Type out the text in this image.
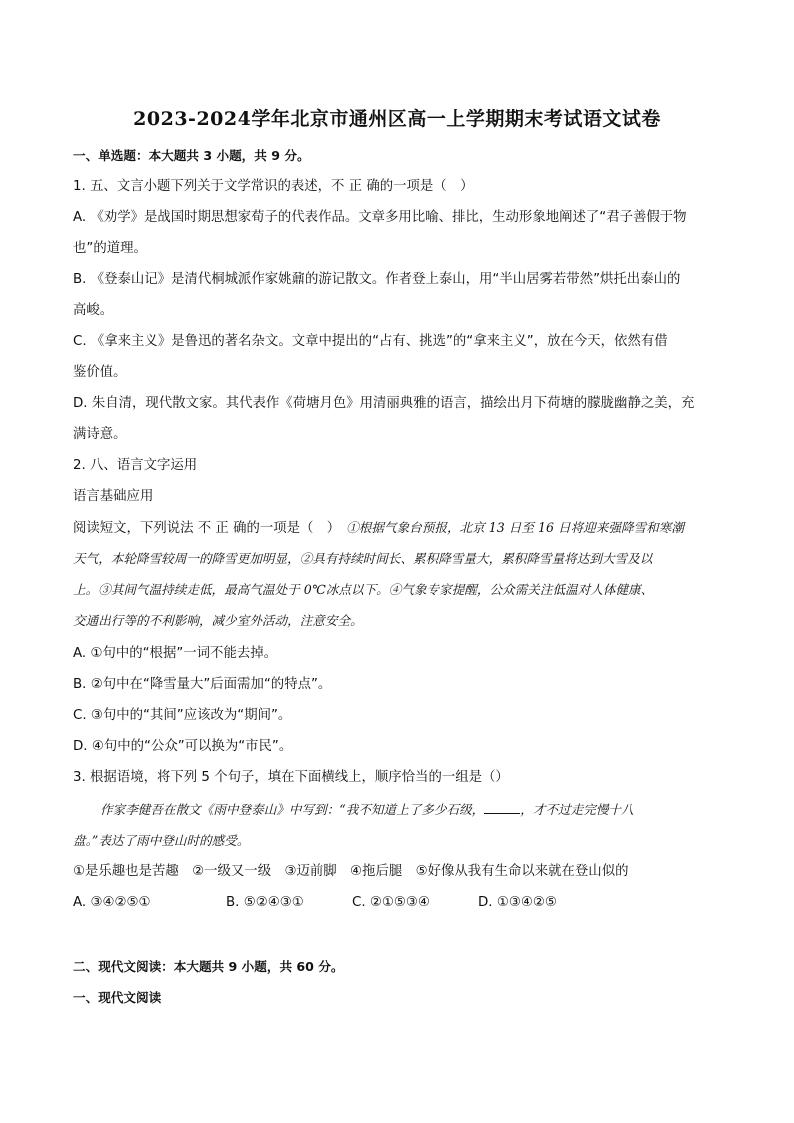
2023-2024学年北京市通州区高一上学期期末考试语文试卷
一、单选题：本大题共 3 小题，共 9 分。
1. 五、文言小题下列关于文学常识的表述，不 正 确的一项是（　）
A. 《劝学》是战国时期思想家荀子的代表作品。文章多用比喻、排比，生动形象地阐述了“君子善假于物
也”的道理。
B. 《登泰山记》是清代桐城派作家姚鼐的游记散文。作者登上泰山，用“半山居雾若带然”烘托出泰山的
高峻。
C. 《拿来主义》是鲁迅的著名杂文。文章中提出的“占有、挑选”的“拿来主义”，放在今天，依然有借
鉴价值。
D. 朱自清，现代散文家。其代表作《荷塘月色》用清丽典雅的语言，描绘出月下荷塘的朦胧幽静之美，充
满诗意。
2. 八、语言文字运用
语言基础应用
阅读短文，下列说法 不 正 确的一项是（　） ①根据气象台预报，北京 13 日至 16 日将迎来强降雪和寒潮
天气，本轮降雪较周一的降雪更加明显，②具有持续时间长、累积降雪量大，累积降雪量将达到大雪及以
上。③其间气温持续走低，最高气温处于 0℃冰点以下。④气象专家提醒，公众需关注低温对人体健康、
交通出行等的不利影响，减少室外活动，注意安全。
A. ①句中的“根据”一词不能去掉。
B. ②句中在“降雪量大”后面需加“的特点”。
C. ③句中的“其间”应该改为“期间”。
D. ④句中的“公众”可以换为“市民”。
3. 根据语境，将下列 5 个句子，填在下面横线上，顺序恰当的一组是（）
作家李健吾在散文《雨中登泰山》中写到：“我不知道上了多少石级，	，才不过走完慢十八
盘。”表达了雨中登山时的感受。
①是乐趣也是苦趣　②一级又一级　③迈前脚　④拖后腿　⑤好像从我有生命以来就在登山似的
A. ③④②⑤①	B. ⑤②④③①	C. ②①⑤③④	D. ①③④②⑤
二、现代文阅读：本大题共 9 小题，共 60 分。
一、现代文阅读
